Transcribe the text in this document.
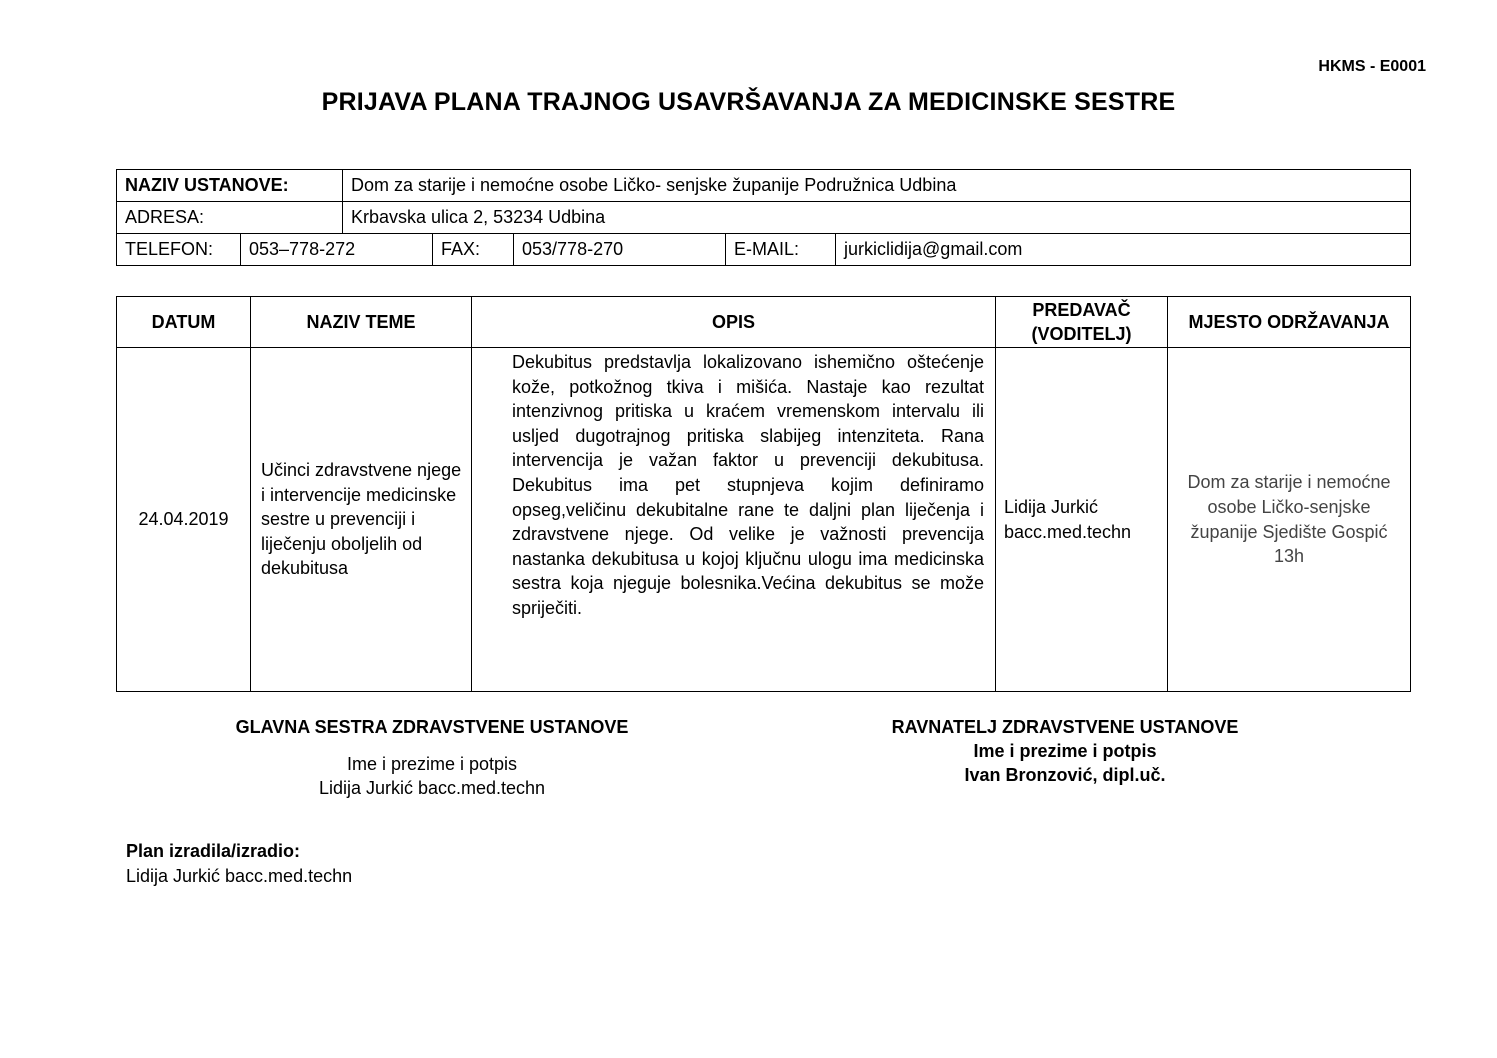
HKMS - E0001
PRIJAVA PLANA TRAJNOG USAVRŠAVANJA ZA MEDICINSKE SESTRE
NAZIV USTANOVE:		Dom za starije i nemoćne osobe Ličko- senjske županije Podružnica Udbina				
ADRESA:		Krbavska ulica 2, 53234 Udbina				
TELEFON:	053–778-272		FAX:	053/778-270	E-MAIL:	jurkiclidija@gmail.com
DATUM	NAZIV TEME	OPIS	PREDAVAČ (VODITELJ)	MJESTO ODRŽAVANJA
24.04.2019	Učinci zdravstvene njege i intervencije medicinske sestre u prevenciji i liječenju oboljelih od dekubitusa	Dekubitus predstavlja lokalizovano ishemično oštećenje kože, potkožnog tkiva i mišića. Nastaje kao rezultat intenzivnog pritiska u kraćem vremenskom intervalu ili usljed dugotrajnog pritiska slabijeg intenziteta. Rana intervencija je važan faktor u prevenciji dekubitusa. Dekubitus ima pet stupnjeva kojim definiramo opseg,veličinu dekubitalne rane te daljni plan liječenja i zdravstvene njege. Od velike je važnosti prevencija nastanka dekubitusa u kojoj ključnu ulogu ima medicinska sestra koja njeguje bolesnika.Većina dekubitus se može spriječiti.	Lidija Jurkić bacc.med.techn	Dom za starije i nemoćne osobe Ličko-senjske županije Sjedište Gospić 13h
GLAVNA SESTRA ZDRAVSTVENE USTANOVE
Ime i prezime i potpis
Lidija Jurkić bacc.med.techn
RAVNATELJ ZDRAVSTVENE USTANOVE
Ime i prezime i potpis
Ivan Bronzović, dipl.uč.
Plan izradila/izradio:
Lidija Jurkić bacc.med.techn
